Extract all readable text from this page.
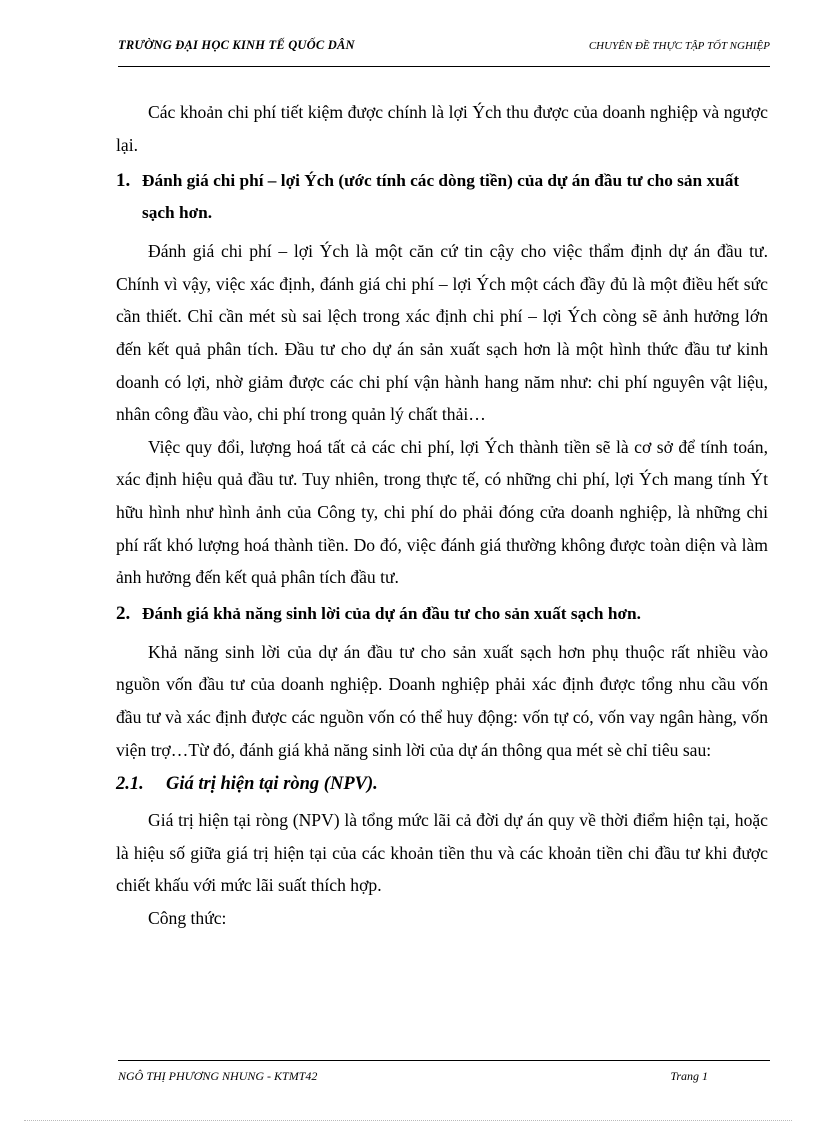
TRƯỜNG ĐẠI HỌC KINH TẾ QUỐC DÂN	CHUYÊN ĐỀ THỰC TẬP TỐT NGHIỆP

Các khoản chi phí tiết kiệm được chính là lợi Ých thu được của doanh nghiệp và ngược lại.

1. Đánh giá chi phí – lợi Ých (ước tính các dòng tiền) của dự án đầu tư cho sản xuất sạch hơn.

Đánh giá chi phí – lợi Ých là một căn cứ tin cậy cho việc thẩm định dự án đầu tư. Chính vì vậy, việc xác định, đánh giá chi phí – lợi Ých một cách đầy đủ là một điều hết sức cần thiết. Chỉ cần mét sù sai lệch trong xác định chi phí – lợi Ých còng sẽ ảnh hưởng lớn đến kết quả phân tích. Đầu tư cho dự án sản xuất sạch hơn là một hình thức đầu tư kinh doanh có lợi, nhờ giảm được các chi phí vận hành hang năm như: chi phí nguyên vật liệu, nhân công đầu vào, chi phí trong quản lý chất thải…

Việc quy đổi, lượng hoá tất cả các chi phí, lợi Ých thành tiền sẽ là cơ sở để tính toán, xác định hiệu quả đầu tư. Tuy nhiên, trong thực tế, có những chi phí, lợi Ých mang tính Ýt hữu hình như hình ảnh của Công ty, chi phí do phải đóng cửa doanh nghiệp, là những chi phí rất khó lượng hoá thành tiền. Do đó, việc đánh giá thường không được toàn diện và làm ảnh hưởng đến kết quả phân tích đầu tư.

2. Đánh giá khả năng sinh lời của dự án đầu tư cho sản xuất sạch hơn.

Khả năng sinh lời của dự án đầu tư cho sản xuất sạch hơn phụ thuộc rất nhiều vào nguồn vốn đầu tư của doanh nghiệp. Doanh nghiệp phải xác định được tổng nhu cầu vốn đầu tư và xác định được các nguồn vốn có thể huy động: vốn tự có, vốn vay ngân hàng, vốn viện trợ…Từ đó, đánh giá khả năng sinh lời của dự án thông qua mét sè chỉ tiêu sau:

2.1. Giá trị hiện tại ròng (NPV).

Giá trị hiện tại ròng (NPV) là tổng mức lãi cả đời dự án quy về thời điểm hiện tại, hoặc là hiệu số giữa giá trị hiện tại của các khoản tiền thu và các khoản tiền chi đầu tư khi được chiết khấu với mức lãi suất thích hợp.

Công thức:

NGÔ THỊ PHƯƠNG NHUNG - KTMT42	Trang 1
